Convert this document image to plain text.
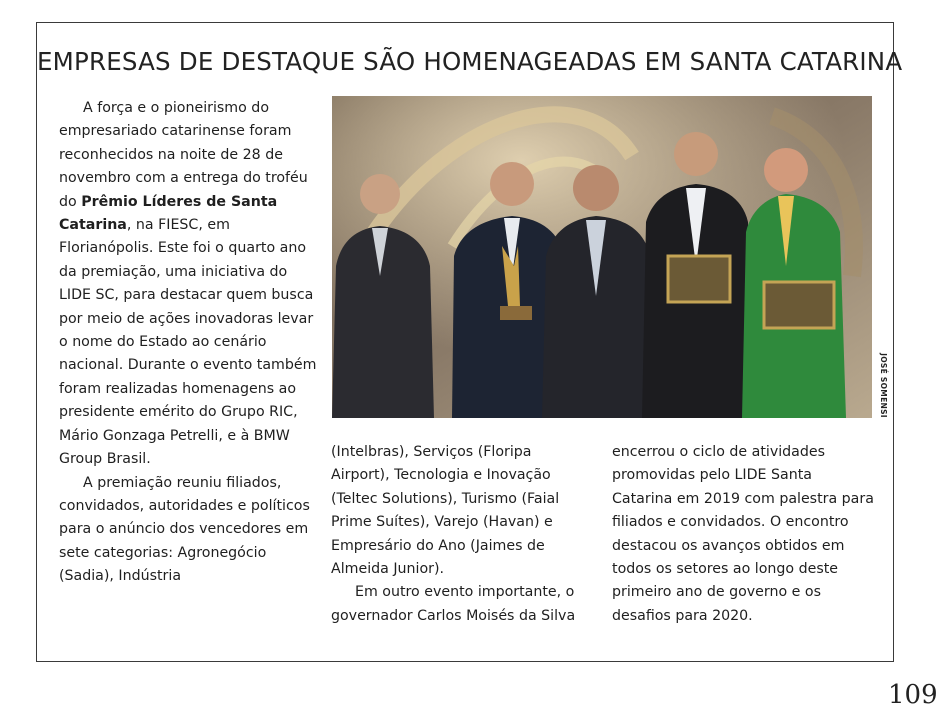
EMPRESAS DE DESTAQUE SÃO HOMENAGEADAS EM SANTA CATARINA

A força e o pioneirismo do empresariado catarinense foram reconhecidos na noite de 28 de novembro com a entrega do troféu do Prêmio Líderes de Santa Catarina, na FIESC, em Florianópolis. Este foi o quarto ano da premiação, uma iniciativa do LIDE SC, para destacar quem busca por meio de ações inovadoras levar o nome do Estado ao cenário nacional. Durante o evento também foram realizadas homenagens ao presidente emérito do Grupo RIC, Mário Gonzaga Petrelli, e à BMW Group Brasil.

A premiação reuniu filiados, convidados, autoridades e políticos para o anúncio dos vencedores em sete categorias: Agronegócio (Sadia), Indústria

JOSÉ SOMENSI

(Intelbras), Serviços (Floripa Airport), Tecnologia e Inovação (Teltec Solutions), Turismo (Faial Prime Suítes), Varejo (Havan) e Empresário do Ano (Jaimes de Almeida Junior).

Em outro evento importante, o governador Carlos Moisés da Silva

encerrou o ciclo de atividades promovidas pelo LIDE Santa Catarina em 2019 com palestra para filiados e convidados. O encontro destacou os avanços obtidos em todos os setores ao longo deste primeiro ano de governo e os desafios para 2020.

109
